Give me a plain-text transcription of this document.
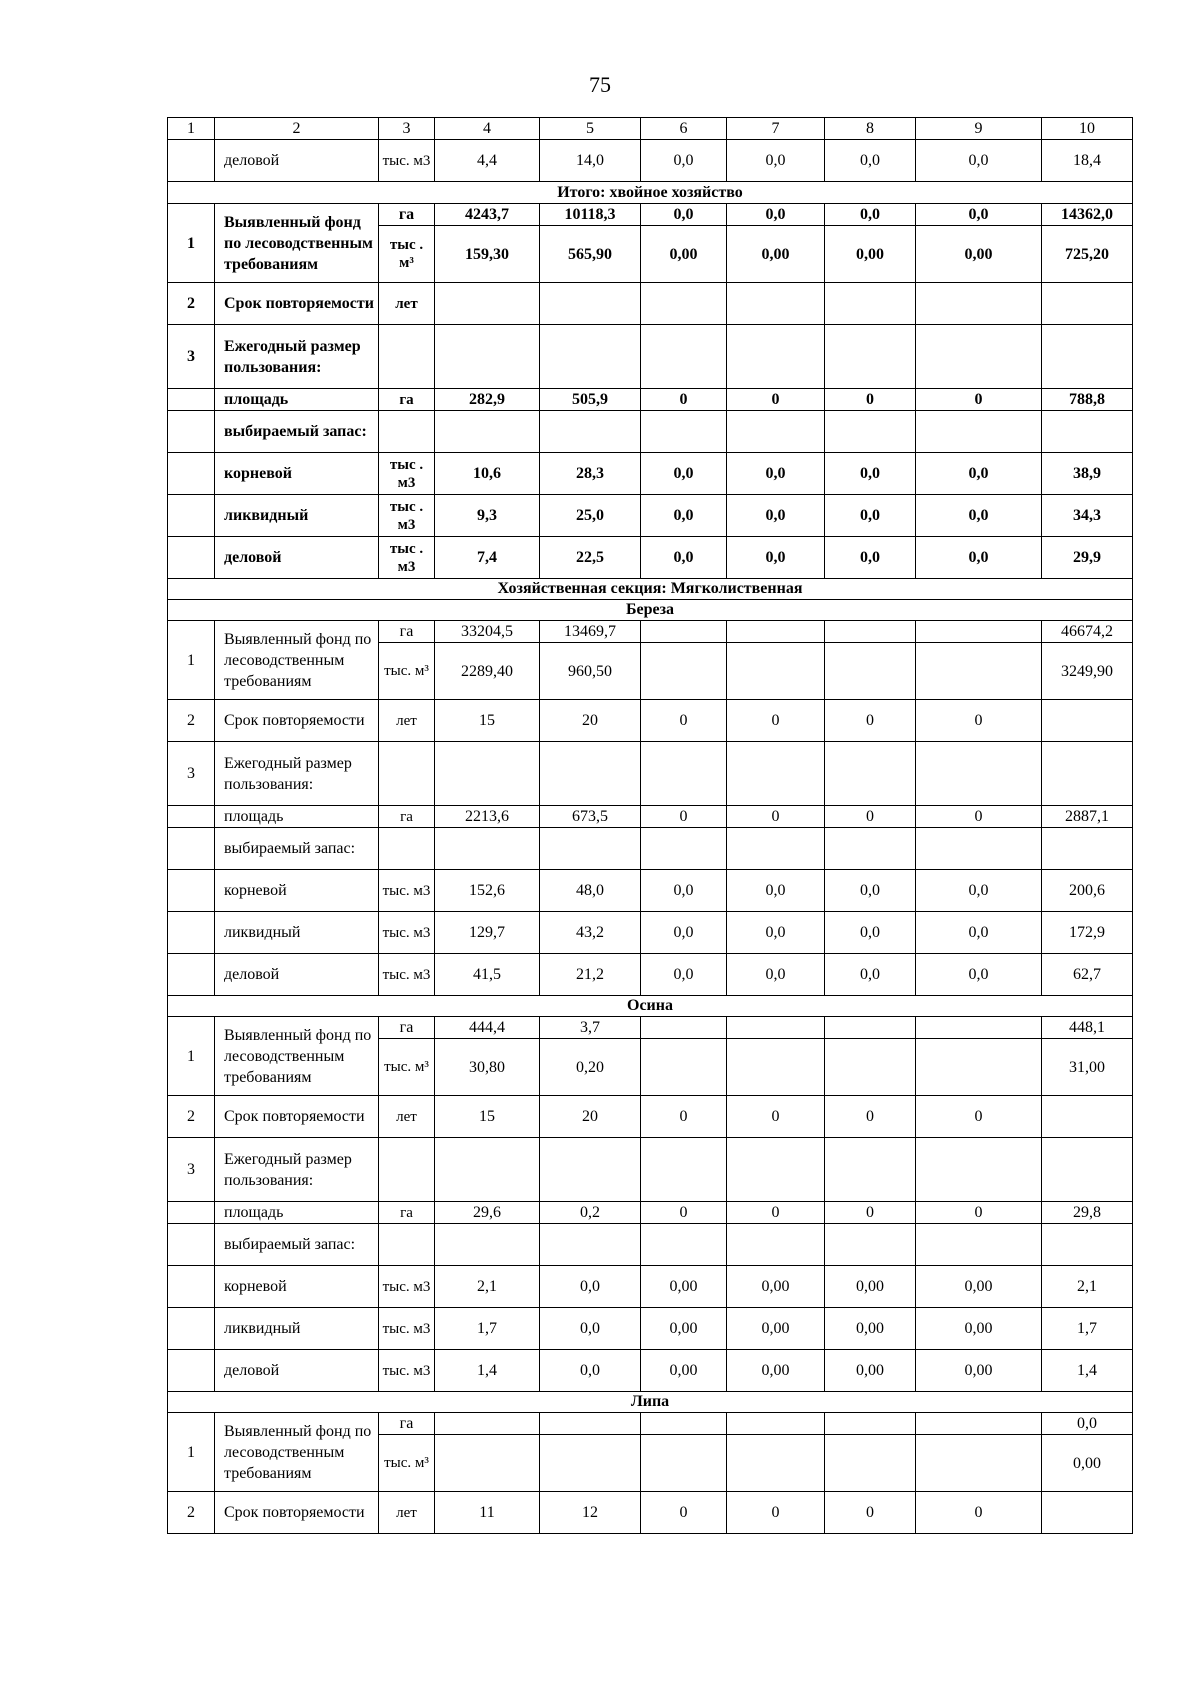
75
1	2	3	4	5	6	7	8	9	10
	деловой	тыс. м3	4,4	14,0	0,0	0,0	0,0	0,0	18,4
Итого: хвойное хозяйство									
1	Выявленный фонд по лесоводственным требованиям	га	4243,7	10118,3	0,0	0,0	0,0	0,0	14362,0
		тыс . м³	159,30	565,90	0,00	0,00	0,00	0,00	725,20
2	Срок повторяемости	лет							
3	Ежегодный размер пользования:								
	площадь	га	282,9	505,9	0	0	0	0	788,8
	выбираемый запас:								
	корневой	тыс . м3	10,6	28,3	0,0	0,0	0,0	0,0	38,9
	ликвидный	тыс . м3	9,3	25,0	0,0	0,0	0,0	0,0	34,3
	деловой	тыс . м3	7,4	22,5	0,0	0,0	0,0	0,0	29,9
Хозяйственная секция: Мягколиственная									
Береза									
1	Выявленный фонд по лесоводственным требованиям	га	33204,5	13469,7					46674,2
		тыс. м³	2289,40	960,50					3249,90
2	Срок повторяемости	лет	15	20	0	0	0	0	
3	Ежегодный размер пользования:								
	площадь	га	2213,6	673,5	0	0	0	0	2887,1
	выбираемый запас:								
	корневой	тыс. м3	152,6	48,0	0,0	0,0	0,0	0,0	200,6
	ликвидный	тыс. м3	129,7	43,2	0,0	0,0	0,0	0,0	172,9
	деловой	тыс. м3	41,5	21,2	0,0	0,0	0,0	0,0	62,7
Осина									
1	Выявленный фонд по лесоводственным требованиям	га	444,4	3,7					448,1
		тыс. м³	30,80	0,20					31,00
2	Срок повторяемости	лет	15	20	0	0	0	0	
3	Ежегодный размер пользования:								
	площадь	га	29,6	0,2	0	0	0	0	29,8
	выбираемый запас:								
	корневой	тыс. м3	2,1	0,0	0,00	0,00	0,00	0,00	2,1
	ликвидный	тыс. м3	1,7	0,0	0,00	0,00	0,00	0,00	1,7
	деловой	тыс. м3	1,4	0,0	0,00	0,00	0,00	0,00	1,4
Липа									
1	Выявленный фонд по лесоводственным требованиям	га							0,0
		тыс. м³							0,00
2	Срок повторяемости	лет	11	12	0	0	0	0	
